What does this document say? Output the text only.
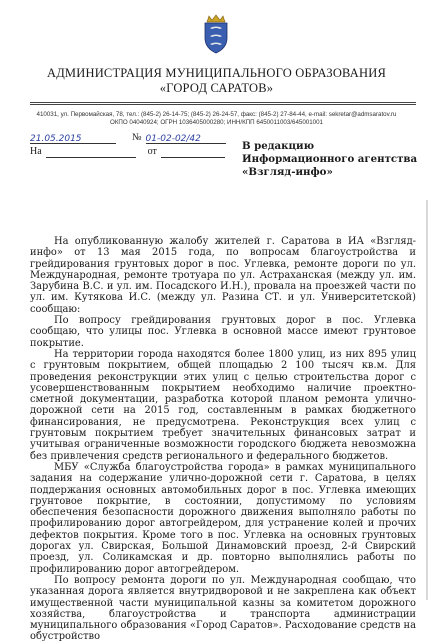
АДМИНИСТРАЦИЯ МУНИЦИПАЛЬНОГО ОБРАЗОВАНИЯ
«ГОРОД САРАТОВ»
410031, ул. Первомайская, 78, тел.: (845-2) 26-14-75; (845-2) 26-24-57, факс: (845-2) 27-84-44, e-mail: sekretar@admsaratov.ru
ОКПО 04040924; ОГРН 1036405000280; ИНН/КПП 6450011003/645001001
21.05.2015	№ 01-02-02/42
На	от	В редакцию
Информационного агентства
«Взгляд-инфо»

На опубликованную жалобу жителей г. Саратова в ИА «Взгляд-инфо» от 13 мая 2015 года, по вопросам благоустройства и грейдирования грунтовых дорог в пос. Углевка, ремонте дороги по ул. Международная, ремонте тротуара по ул. Астраханская (между ул. им. Зарубина В.С. и ул. им. Посадского И.Н.), провала на проезжей части по ул. им. Кутякова И.С. (между ул. Разина СТ. и ул. Университетской) сообщаю:

По вопросу грейдирования грунтовых дорог в пос. Углевка сообщаю, что улицы пос. Углевка в основной массе имеют грунтовое покрытие.

На территории города находятся более 1800 улиц, из них 895 улиц с грунтовым покрытием, общей площадью 2 100 тысяч кв.м. Для проведения реконструкции этих улиц с целью строительства дорог с усовершенствованным покрытием необходимо наличие проектно-сметной документации, разработка которой планом ремонта улично-дорожной сети на 2015 год, составленным в рамках бюджетного финансирования, не предусмотрена. Реконструкция всех улиц с грунтовым покрытием требует значительных финансовых затрат и учитывая ограниченные возможности городского бюджета невозможна без привлечения средств регионального и федерального бюджетов.

МБУ «Служба благоустройства города» в рамках муниципального задания на содержание улично-дорожной сети г. Саратова, в целях поддержания основных автомобильных дорог в пос. Углевка имеющих грунтовое покрытие, в состоянии, допустимому по условиям обеспечения безопасности дорожного движения выполняло работы по профилированию дорог автогрейдером, для устранение колей и прочих дефектов покрытия. Кроме того в пос. Углевка на основных грунтовых дорогах ул. Свирская, Большой Динамовский проезд, 2-й Свирский проезд, ул. Соликамская и др. повторно выполнялись работы по профилированию дорог автогрейдером.

По вопросу ремонта дороги по ул. Международная сообщаю, что указанная дорога является внутридворовой и не закреплена как объект имущественной части муниципальной казны за комитетом дорожного хозяйства, благоустройства и транспорта администрации муниципального образования «Город Саратов». Расходование средств на обустройство
